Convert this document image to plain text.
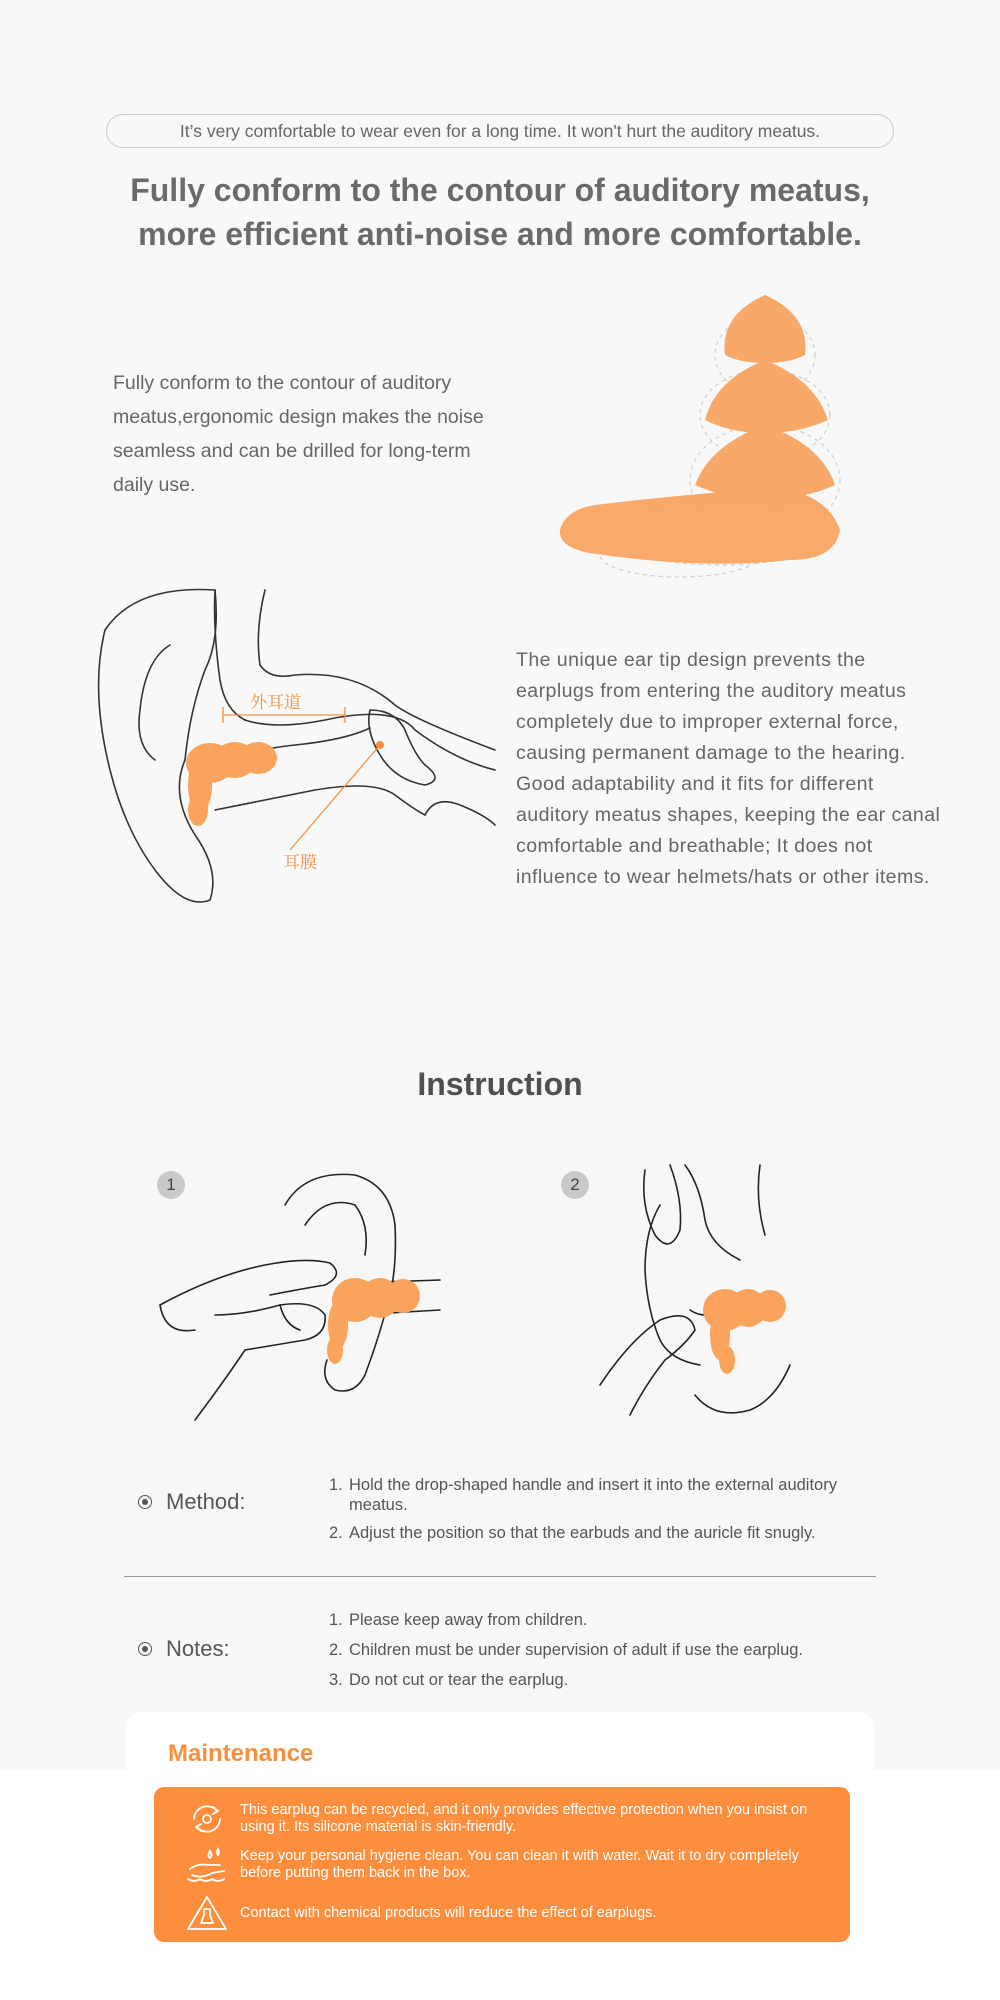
It’s very comfortable to wear even for a long time. It won't hurt the auditory meatus.
Fully conform to the contour of auditory meatus,
more efficient anti-noise and more comfortable.
Fully conform to the contour of auditory meatus,ergonomic design makes the noise seamless and can be drilled for long-term daily use.
外耳道
耳膜
The unique ear tip design prevents the earplugs from entering the auditory meatus completely due to improper external force, causing permanent damage to the hearing. Good adaptability and it fits for different auditory meatus shapes, keeping the ear canal comfortable and breathable; It does not influence to wear helmets/hats or other items.
Instruction
1	2
Method:
1. Hold the drop-shaped handle and insert it into the external auditory meatus.
2. Adjust the position so that the earbuds and the auricle fit snugly.
Notes:
1. Please keep away from children.
2. Children must be under supervision of adult if use the earplug.
3. Do not cut or tear the earplug.
Maintenance
This earplug can be recycled, and it only provides effective protection when you insist on using it. Its silicone material is skin-friendly.
Keep your personal hygiene clean. You can clean it with water. Wait it to dry completely before putting them back in the box.
Contact with chemical products will reduce the effect of earplugs.
